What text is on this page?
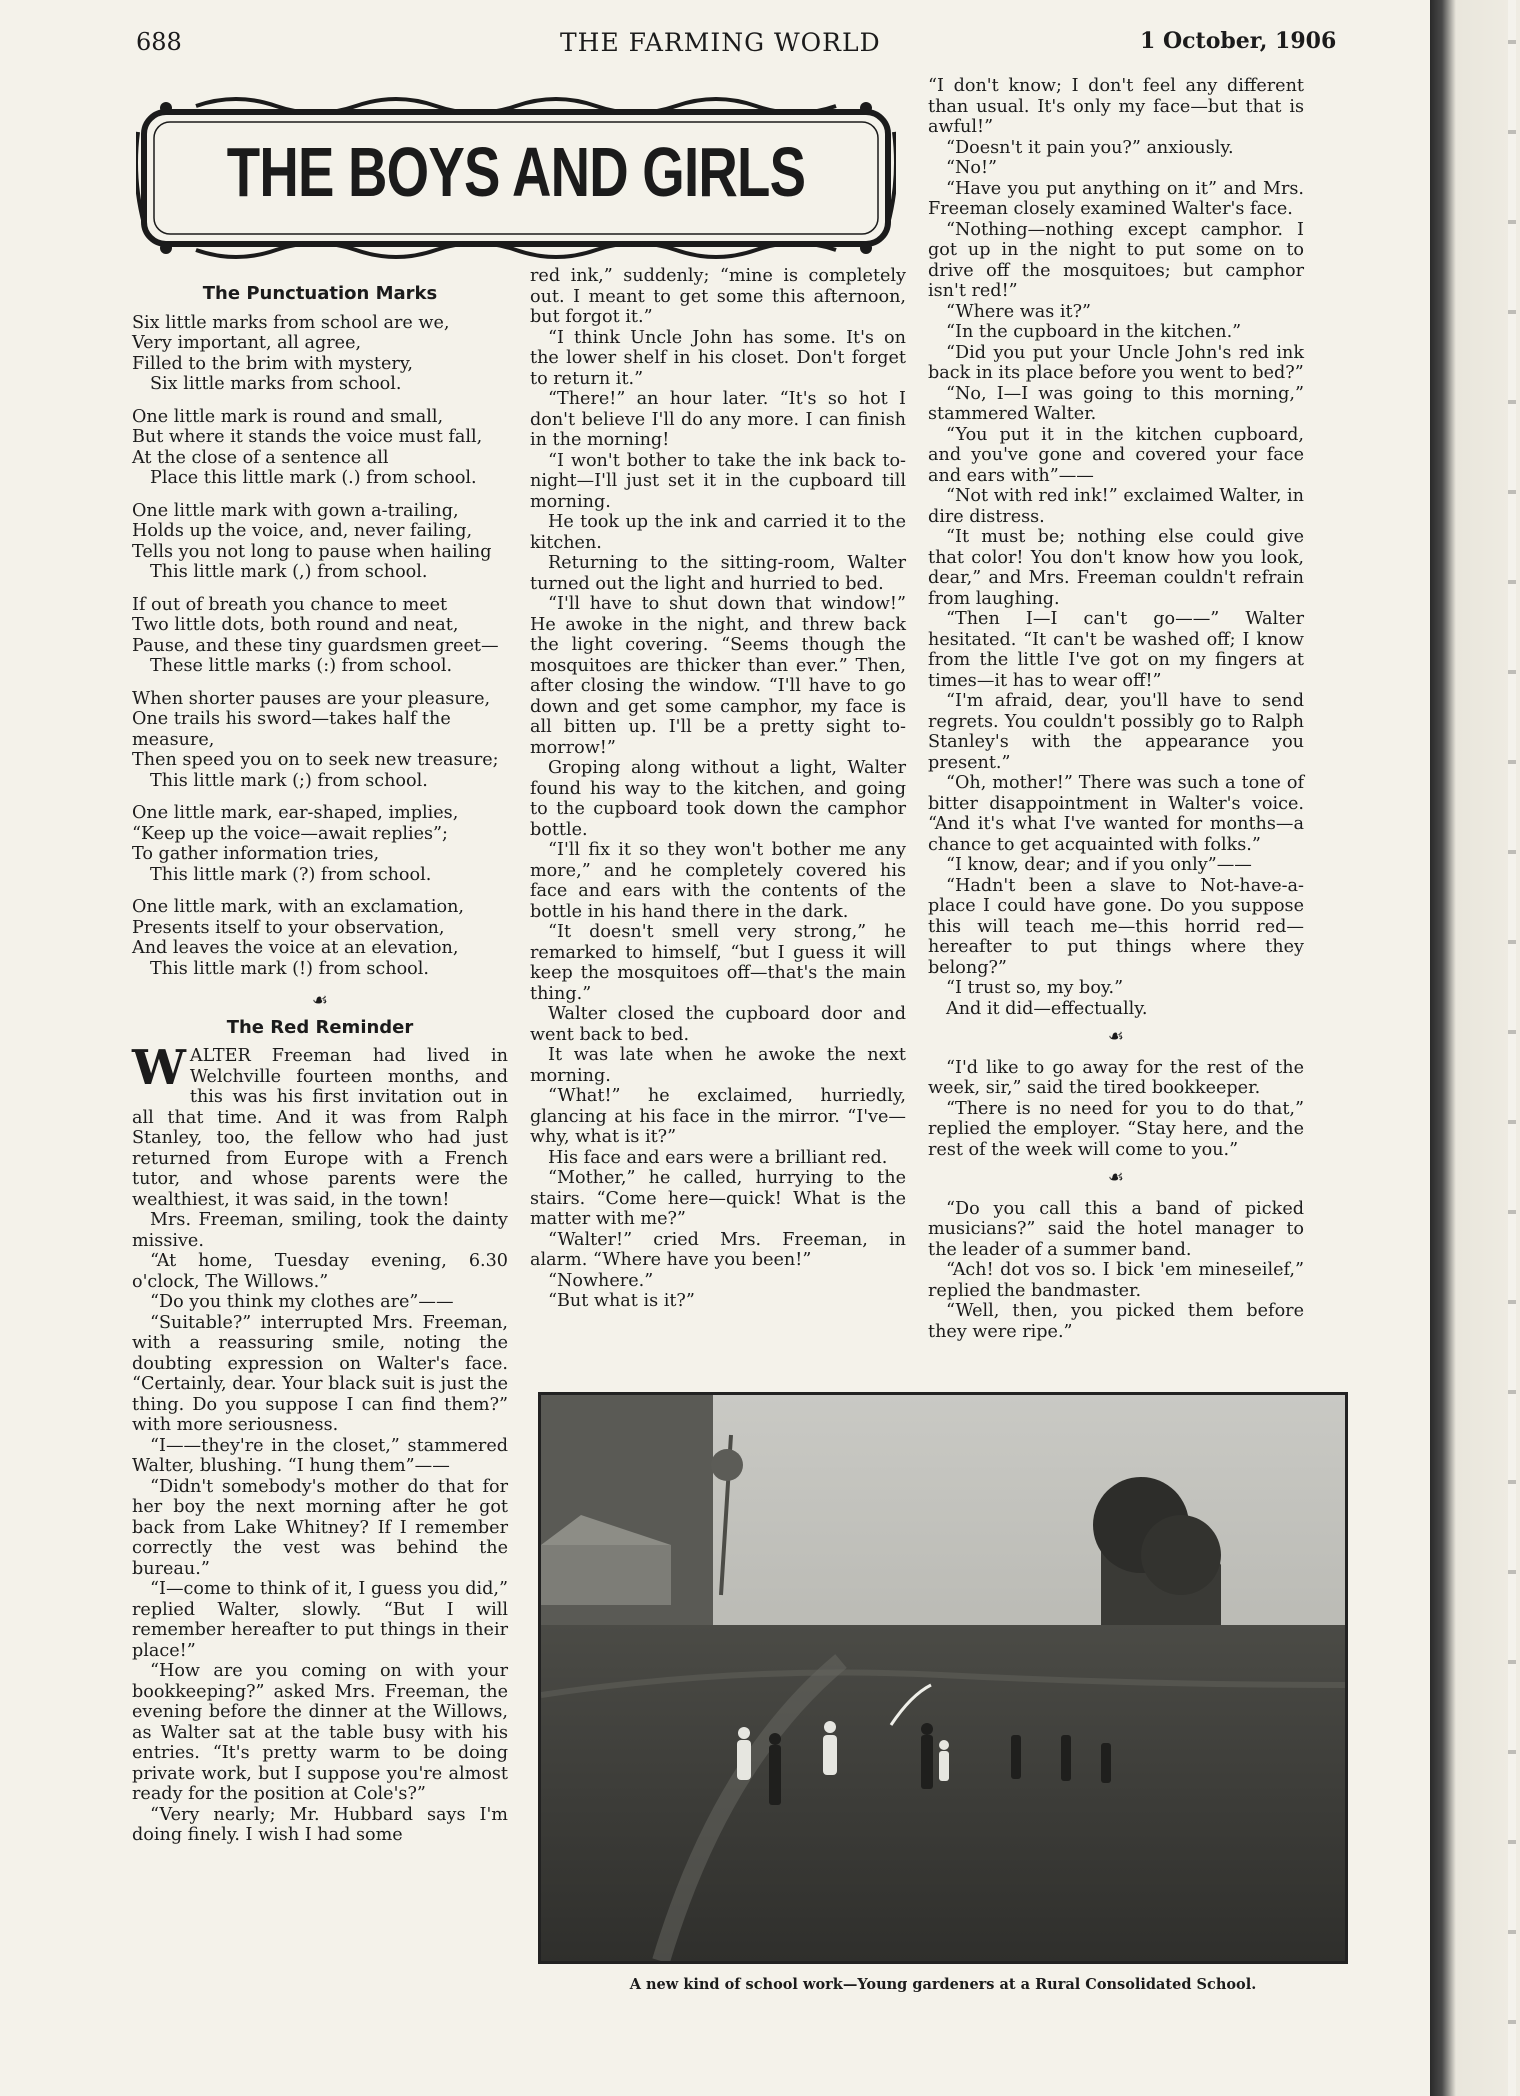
688	THE FARMING WORLD	1 October, 1906
THE BOYS AND GIRLS
The Punctuation Marks
Six little marks from school are we,
Very important, all agree,
Filled to the brim with mystery,
Six little marks from school.
One little mark is round and small,
But where it stands the voice must fall,
At the close of a sentence all
Place this little mark (.) from school.
One little mark with gown a-trailing,
Holds up the voice, and, never failing,
Tells you not long to pause when hailing
This little mark (,) from school.
If out of breath you chance to meet
Two little dots, both round and neat,
Pause, and these tiny guardsmen greet—
These little marks (:) from school.
When shorter pauses are your pleasure,
One trails his sword—takes half the measure,
Then speed you on to seek new treasure;
This little mark (;) from school.
One little mark, ear-shaped, implies,
“Keep up the voice—await replies”;
To gather information tries,
This little mark (?) from school.
One little mark, with an exclamation,
Presents itself to your observation,
And leaves the voice at an elevation,
This little mark (!) from school.
☙
The Red Reminder

WALTER Freeman had lived in Welchville fourteen months, and this was his first invitation out in all that time. And it was from Ralph Stanley, too, the fellow who had just returned from Europe with a French tutor, and whose parents were the wealthiest, it was said, in the town!

Mrs. Freeman, smiling, took the dainty missive.

“At home, Tuesday evening, 6.30 o'clock, The Willows.”

“Do you think my clothes are”——

“Suitable?” interrupted Mrs. Freeman, with a reassuring smile, noting the doubting expression on Walter's face. “Certainly, dear. Your black suit is just the thing. Do you suppose I can find them?” with more seriousness.

“I——they're in the closet,” stammered Walter, blushing. “I hung them”——

“Didn't somebody's mother do that for her boy the next morning after he got back from Lake Whitney? If I remember correctly the vest was behind the bureau.”

“I—come to think of it, I guess you did,” replied Walter, slowly. “But I will remember hereafter to put things in their place!”

“How are you coming on with your bookkeeping?” asked Mrs. Freeman, the evening before the dinner at the Willows, as Walter sat at the table busy with his entries. “It's pretty warm to be doing private work, but I suppose you're almost ready for the position at Cole's?”

“Very nearly; Mr. Hubbard says I'm doing finely. I wish I had some

red ink,” suddenly; “mine is completely out. I meant to get some this afternoon, but forgot it.”

“I think Uncle John has some. It's on the lower shelf in his closet. Don't forget to return it.”

“There!” an hour later. “It's so hot I don't believe I'll do any more. I can finish in the morning!

“I won't bother to take the ink back to-night—I'll just set it in the cupboard till morning.

He took up the ink and carried it to the kitchen.

Returning to the sitting-room, Walter turned out the light and hurried to bed.

“I'll have to shut down that window!” He awoke in the night, and threw back the light covering. “Seems though the mosquitoes are thicker than ever.” Then, after closing the window. “I'll have to go down and get some camphor, my face is all bitten up. I'll be a pretty sight to-morrow!”

Groping along without a light, Walter found his way to the kitchen, and going to the cupboard took down the camphor bottle.

“I'll fix it so they won't bother me any more,” and he completely covered his face and ears with the contents of the bottle in his hand there in the dark.

“It doesn't smell very strong,” he remarked to himself, “but I guess it will keep the mosquitoes off—that's the main thing.”

Walter closed the cupboard door and went back to bed.

It was late when he awoke the next morning.

“What!” he exclaimed, hurriedly, glancing at his face in the mirror. “I've—why, what is it?”

His face and ears were a brilliant red.

“Mother,” he called, hurrying to the stairs. “Come here—quick! What is the matter with me?”

“Walter!” cried Mrs. Freeman, in alarm. “Where have you been!”

“Nowhere.”

“But what is it?”

“I don't know; I don't feel any different than usual. It's only my face—but that is awful!”

“Doesn't it pain you?” anxiously.

“No!”

“Have you put anything on it” and Mrs. Freeman closely examined Walter's face.

“Nothing—nothing except camphor. I got up in the night to put some on to drive off the mosquitoes; but camphor isn't red!”

“Where was it?”

“In the cupboard in the kitchen.”

“Did you put your Uncle John's red ink back in its place before you went to bed?”

“No, I—I was going to this morning,” stammered Walter.

“You put it in the kitchen cupboard, and you've gone and covered your face and ears with”——

“Not with red ink!” exclaimed Walter, in dire distress.

“It must be; nothing else could give that color! You don't know how you look, dear,” and Mrs. Freeman couldn't refrain from laughing.

“Then I—I can't go——” Walter hesitated. “It can't be washed off; I know from the little I've got on my fingers at times—it has to wear off!”

“I'm afraid, dear, you'll have to send regrets. You couldn't possibly go to Ralph Stanley's with the appearance you present.”

“Oh, mother!” There was such a tone of bitter disappointment in Walter's voice. “And it's what I've wanted for months—a chance to get acquainted with folks.”

“I know, dear; and if you only”——

“Hadn't been a slave to Not-have-a-place I could have gone. Do you suppose this will teach me—this horrid red—hereafter to put things where they belong?”

“I trust so, my boy.”

And it did—effectually.

☙

“I'd like to go away for the rest of the week, sir,” said the tired bookkeeper.

“There is no need for you to do that,” replied the employer. “Stay here, and the rest of the week will come to you.”

☙

“Do you call this a band of picked musicians?” said the hotel manager to the leader of a summer band.

“Ach! dot vos so. I bick 'em mineseilef,” replied the bandmaster.

“Well, then, you picked them before they were ripe.”

A new kind of school work—Young gardeners at a Rural Consolidated School.
